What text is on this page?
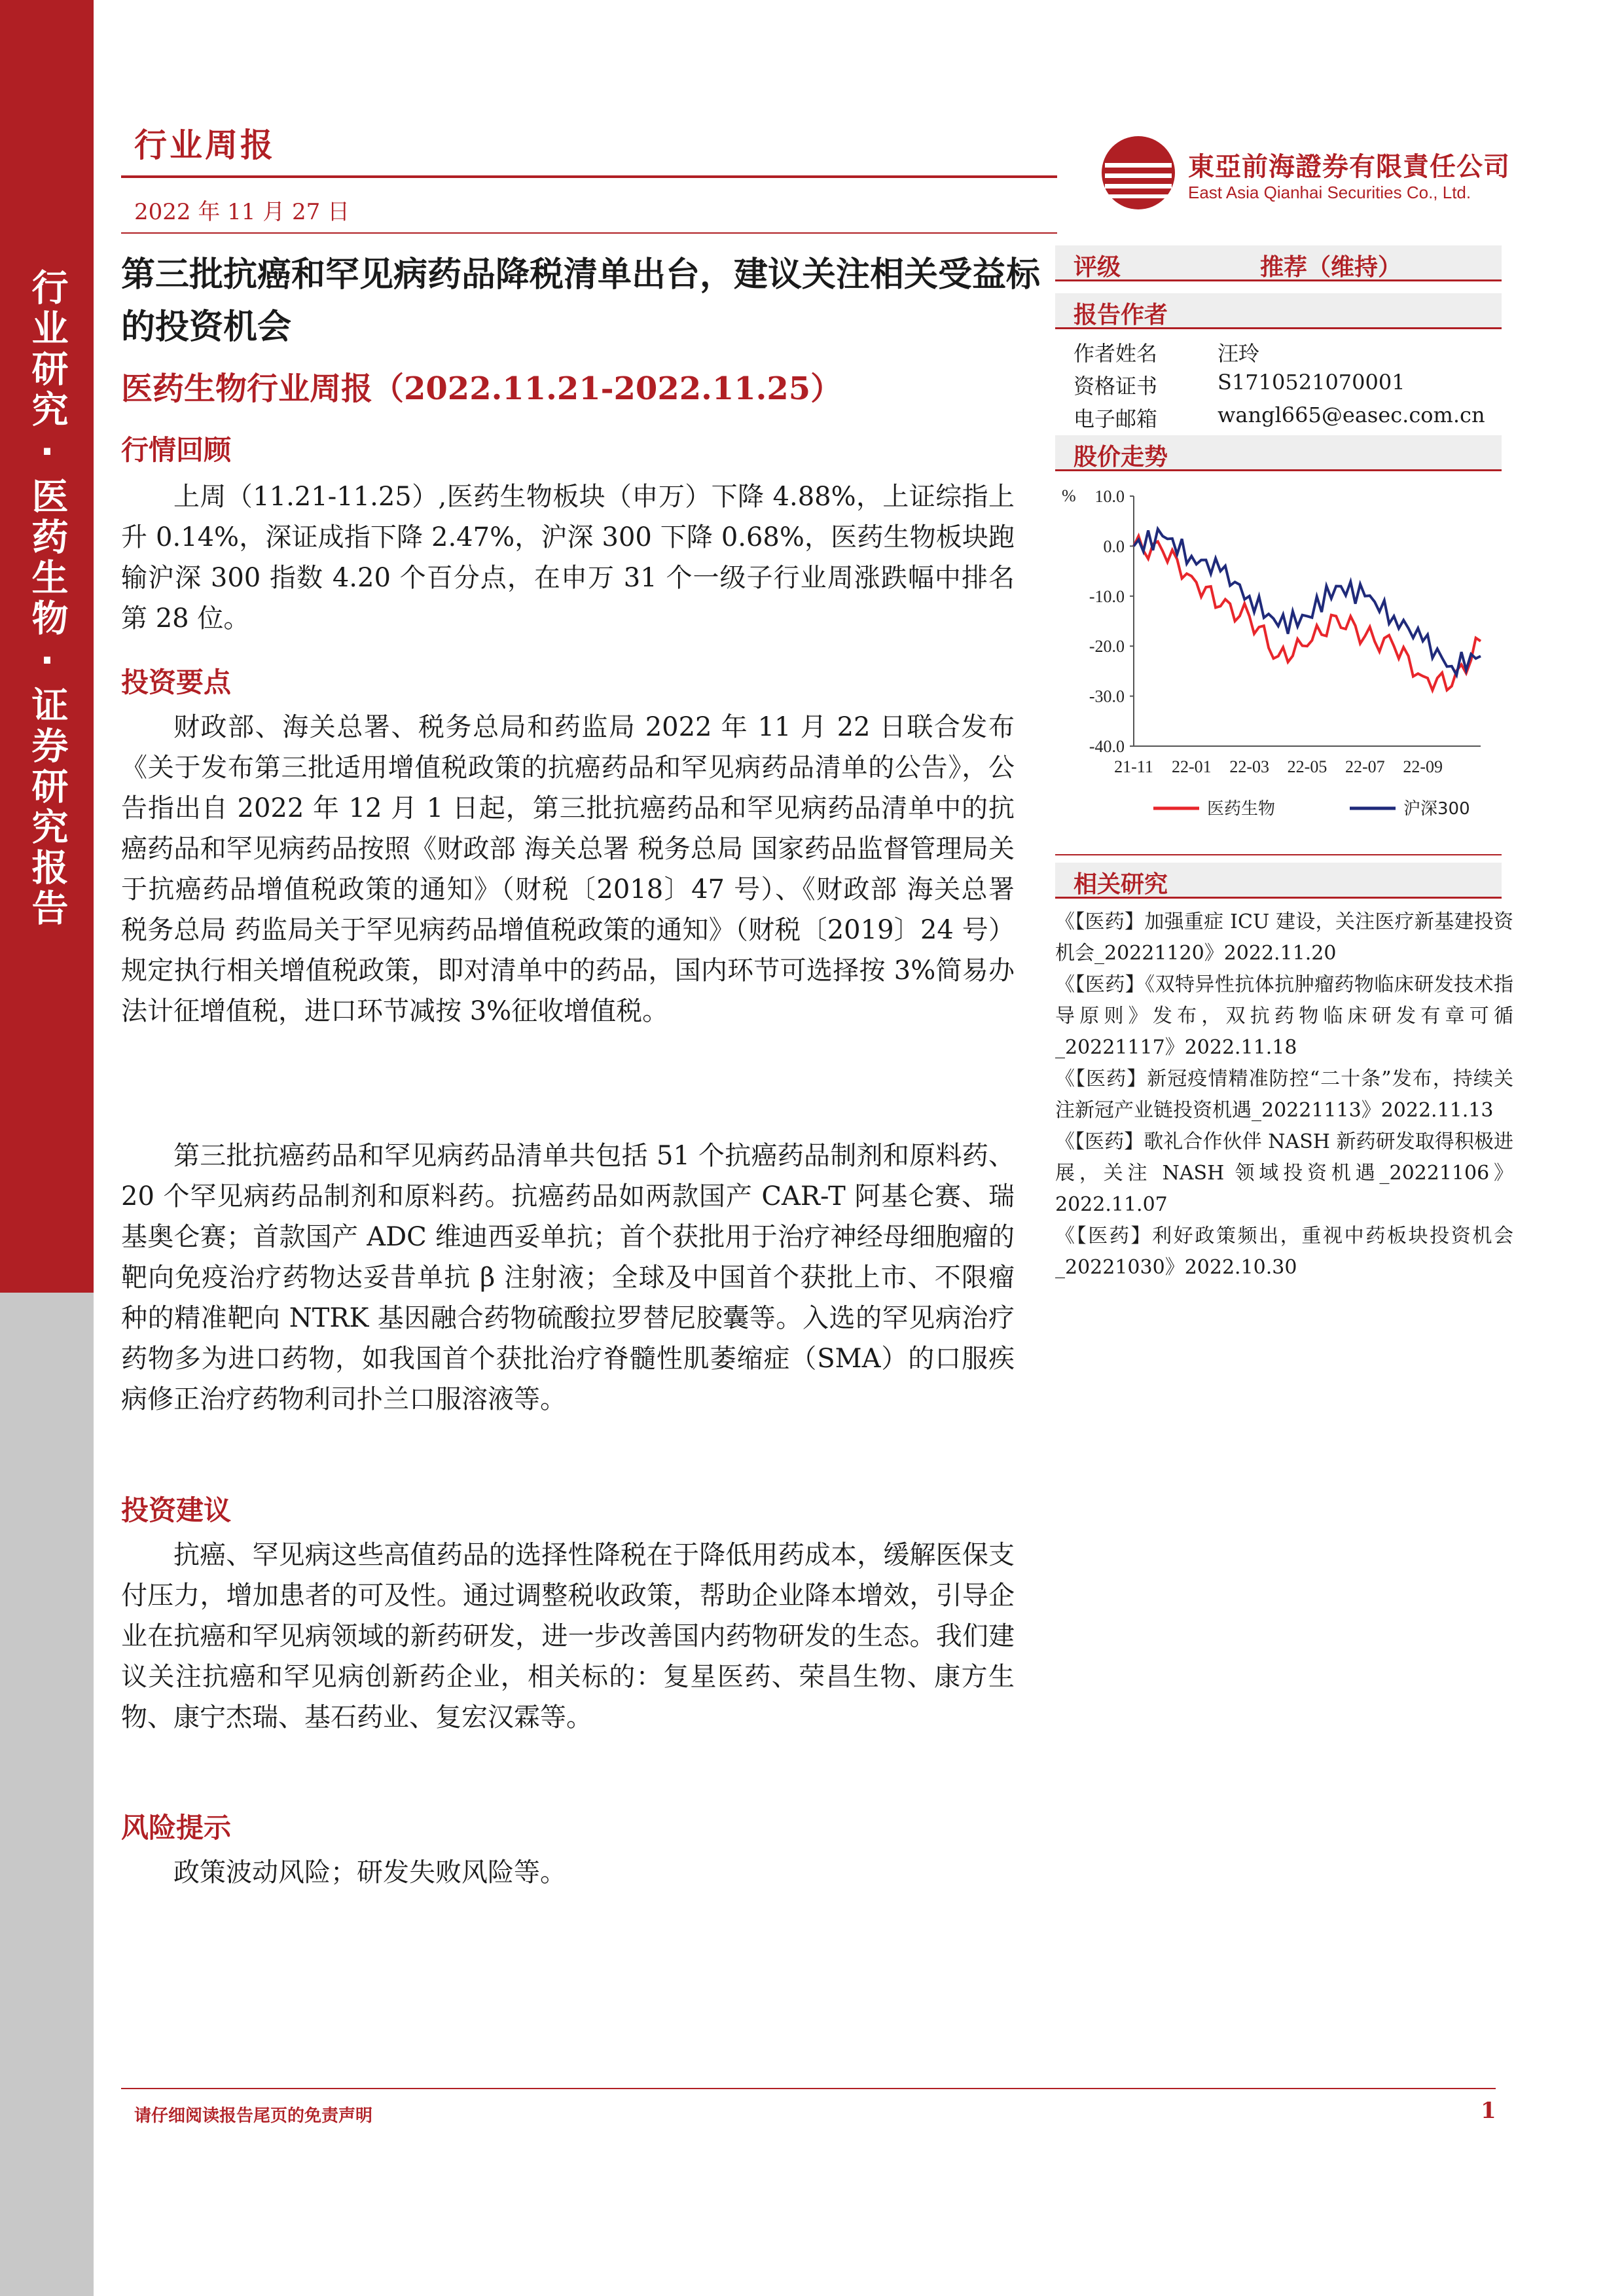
行业研究·医药生物·证券研究报告
行业周报
2022 年 11 月 27 日
東亞前海證券有限責任公司
East Asia Qianhai Securities Co., Ltd.
第三批抗癌和罕见病药品降税清单出台，建议关注相关受益标的投资机会
医药生物行业周报（2022.11.21-2022.11.25）
行情回顾
上周（11.21-11.25）,医药生物板块（申万）下降 4.88%，上证综指上升 0.14%，深证成指下降 2.47%，沪深 300 下降 0.68%，医药生物板块跑输沪深 300 指数 4.20 个百分点，在申万 31 个一级子行业周涨跌幅中排名第 28 位。
投资要点
财政部、海关总署、税务总局和药监局 2022 年 11 月 22 日联合发布《关于发布第三批适用增值税政策的抗癌药品和罕见病药品清单的公告》，公告指出自 2022 年 12 月 1 日起，第三批抗癌药品和罕见病药品清单中的抗癌药品和罕见病药品按照《财政部 海关总署 税务总局 国家药品监督管理局关于抗癌药品增值税政策的通知》（财税〔2018〕47 号）、《财政部 海关总署 税务总局 药监局关于罕见病药品增值税政策的通知》（财税〔2019〕24 号）规定执行相关增值税政策，即对清单中的药品，国内环节可选择按 3%简易办法计征增值税，进口环节减按 3%征收增值税。
第三批抗癌药品和罕见病药品清单共包括 51 个抗癌药品制剂和原料药、20 个罕见病药品制剂和原料药。抗癌药品如两款国产 CAR-T 阿基仑赛、瑞基奥仑赛；首款国产 ADC 维迪西妥单抗；首个获批用于治疗神经母细胞瘤的靶向免疫治疗药物达妥昔单抗 β 注射液；全球及中国首个获批上市、不限瘤种的精准靶向 NTRK 基因融合药物硫酸拉罗替尼胶囊等。入选的罕见病治疗药物多为进口药物，如我国首个获批治疗脊髓性肌萎缩症（SMA）的口服疾病修正治疗药物利司扑兰口服溶液等。
投资建议
抗癌、罕见病这些高值药品的选择性降税在于降低用药成本，缓解医保支付压力，增加患者的可及性。通过调整税收政策，帮助企业降本增效，引导企业在抗癌和罕见病领域的新药研发，进一步改善国内药物研发的生态。我们建议关注抗癌和罕见病创新药企业，相关标的：复星医药、荣昌生物、康方生物、康宁杰瑞、基石药业、复宏汉霖等。
风险提示
政策波动风险；研发失败风险等。
评级	推荐（维持）
报告作者
作者姓名	汪玲
资格证书	S1710521070001
电子邮箱	wangl665@easec.com.cn
股价走势
% 10.0
0.0
-10.0
-20.0
-30.0
-40.0
21-11 22-01 22-03 22-05 22-07 22-09
医药生物	沪深300
相关研究

《【医药】加强重症 ICU 建设，关注医疗新基建投资机会_20221120》2022.11.20

《【医药】《双特异性抗体抗肿瘤药物临床研发技术指导原则》发布，双抗药物临床研发有章可循_20221117》2022.11.18

《【医药】新冠疫情精准防控“二十条”发布，持续关注新冠产业链投资机遇_20221113》2022.11.13

《【医药】歌礼合作伙伴 NASH 新药研发取得积极进展，关注 NASH 领域投资机遇_20221106》2022.11.07

《【医药】利好政策频出，重视中药板块投资机会_20221030》2022.10.30

请仔细阅读报告尾页的免责声明	1
